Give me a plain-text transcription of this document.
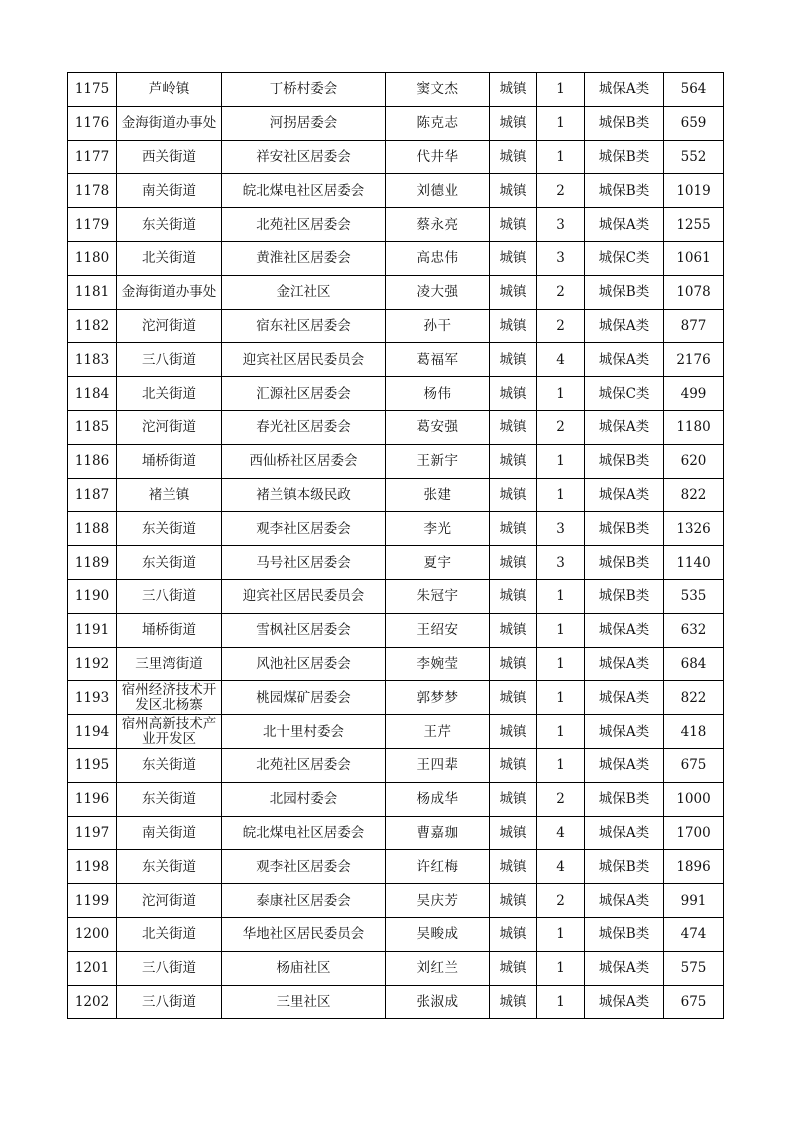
1175	芦岭镇	丁桥村委会	窦文杰	城镇	1	城保A类	564
1176	金海街道办事处	河拐居委会	陈克志	城镇	1	城保B类	659
1177	西关街道	祥安社区居委会	代井华	城镇	1	城保B类	552
1178	南关街道	皖北煤电社区居委会	刘德业	城镇	2	城保B类	1019
1179	东关街道	北苑社区居委会	蔡永亮	城镇	3	城保A类	1255
1180	北关街道	黄淮社区居委会	高忠伟	城镇	3	城保C类	1061
1181	金海街道办事处	金江社区	凌大强	城镇	2	城保B类	1078
1182	沱河街道	宿东社区居委会	孙干	城镇	2	城保A类	877
1183	三八街道	迎宾社区居民委员会	葛福军	城镇	4	城保A类	2176
1184	北关街道	汇源社区居委会	杨伟	城镇	1	城保C类	499
1185	沱河街道	春光社区居委会	葛安强	城镇	2	城保A类	1180
1186	埇桥街道	西仙桥社区居委会	王新宇	城镇	1	城保B类	620
1187	褚兰镇	褚兰镇本级民政	张建	城镇	1	城保A类	822
1188	东关街道	观李社区居委会	李光	城镇	3	城保B类	1326
1189	东关街道	马号社区居委会	夏宇	城镇	3	城保B类	1140
1190	三八街道	迎宾社区居民委员会	朱冠宇	城镇	1	城保B类	535
1191	埇桥街道	雪枫社区居委会	王绍安	城镇	1	城保A类	632
1192	三里湾街道	风池社区居委会	李婉莹	城镇	1	城保A类	684
1193	宿州经济技术开发区北杨寨	桃园煤矿居委会	郭梦梦	城镇	1	城保A类	822
1194	宿州高新技术产业开发区	北十里村委会	王芹	城镇	1	城保A类	418
1195	东关街道	北苑社区居委会	王四辈	城镇	1	城保A类	675
1196	东关街道	北园村委会	杨成华	城镇	2	城保B类	1000
1197	南关街道	皖北煤电社区居委会	曹嘉珈	城镇	4	城保A类	1700
1198	东关街道	观李社区居委会	许红梅	城镇	4	城保B类	1896
1199	沱河街道	泰康社区居委会	吴庆芳	城镇	2	城保A类	991
1200	北关街道	华地社区居民委员会	吴畯成	城镇	1	城保B类	474
1201	三八街道	杨庙社区	刘红兰	城镇	1	城保A类	575
1202	三八街道	三里社区	张淑成	城镇	1	城保A类	675
